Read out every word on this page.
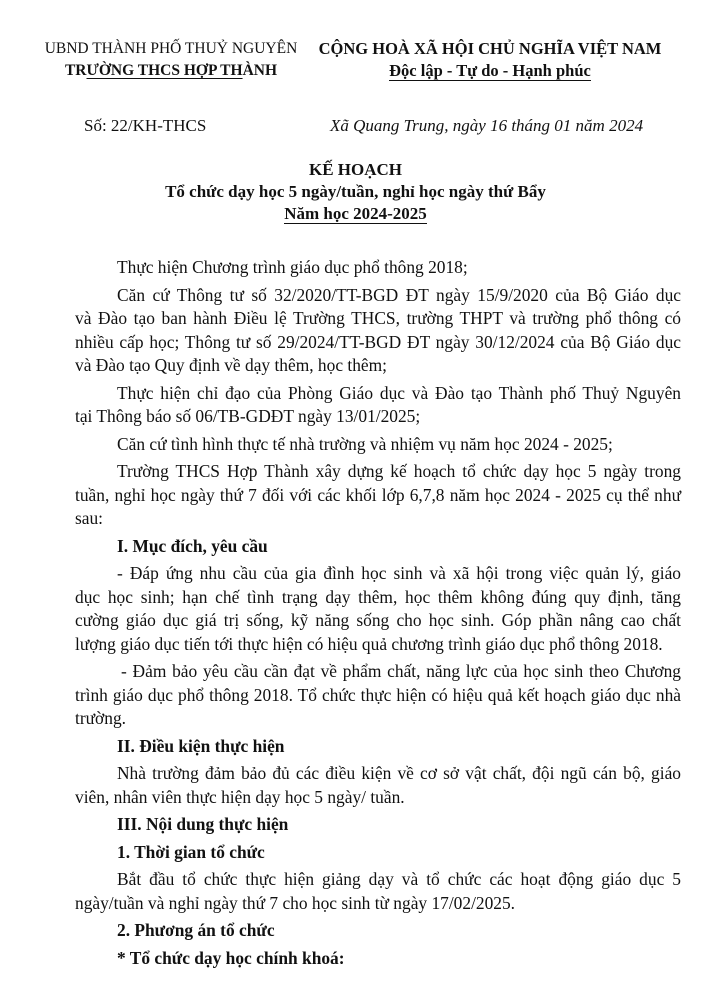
UBND THÀNH PHỐ THUỶ NGUYÊN
TRƯỜNG THCS HỢP THÀNH
CỘNG HOÀ XÃ HỘI CHỦ NGHĨA VIỆT NAM
Độc lập - Tự do - Hạnh phúc
Số: 22/KH-THCS	Xã Quang Trung, ngày 16 tháng 01 năm 2024
KẾ HOẠCH
Tổ chức dạy học 5 ngày/tuần, nghỉ học ngày thứ Bẩy
Năm học 2024-2025
Thực hiện Chương trình giáo dục phổ thông 2018;
Căn cứ Thông tư số 32/2020/TT-BGD ĐT ngày 15/9/2020 của Bộ Giáo dục
và Đào tạo ban hành Điều lệ Trường THCS, trường THPT và trường phổ thông có
nhiều cấp học; Thông tư số 29/2024/TT-BGD ĐT ngày 30/12/2024 của Bộ Giáo dục
và Đào tạo Quy định về dạy thêm, học thêm;
Thực hiện chỉ đạo của Phòng Giáo dục và Đào tạo Thành phố Thuỷ Nguyên
tại Thông báo số 06/TB-GDĐT ngày 13/01/2025;
Căn cứ tình hình thực tế nhà trường và nhiệm vụ năm học 2024 - 2025;
Trường THCS Hợp Thành xây dựng kế hoạch tổ chức dạy học 5 ngày trong
tuần, nghỉ học ngày thứ 7 đối với các khối lớp 6,7,8 năm học 2024 - 2025 cụ thể như
sau:
I. Mục đích, yêu cầu
- Đáp ứng nhu cầu của gia đình học sinh và xã hội trong việc quản lý, giáo
dục học sinh; hạn chế tình trạng dạy thêm, học thêm không đúng quy định, tăng
cường giáo dục giá trị sống, kỹ năng sống cho học sinh. Góp phần nâng cao chất
lượng giáo dục tiến tới thực hiện có hiệu quả chương trình giáo dục phổ thông 2018.
- Đảm bảo yêu cầu cần đạt về phẩm chất, năng lực của học sinh theo Chương
trình giáo dục phổ thông 2018. Tổ chức thực hiện có hiệu quả kết hoạch giáo dục nhà
trường.
II. Điều kiện thực hiện
Nhà trường đảm bảo đủ các điều kiện về cơ sở vật chất, đội ngũ cán bộ, giáo
viên, nhân viên thực hiện dạy học 5 ngày/ tuần.
III. Nội dung thực hiện
1. Thời gian tổ chức
Bắt đầu tổ chức thực hiện giảng dạy và tổ chức các hoạt động giáo dục 5
ngày/tuần và nghỉ ngày thứ 7 cho học sinh từ ngày 17/02/2025.
2. Phương án tổ chức
* Tổ chức dạy học chính khoá:
